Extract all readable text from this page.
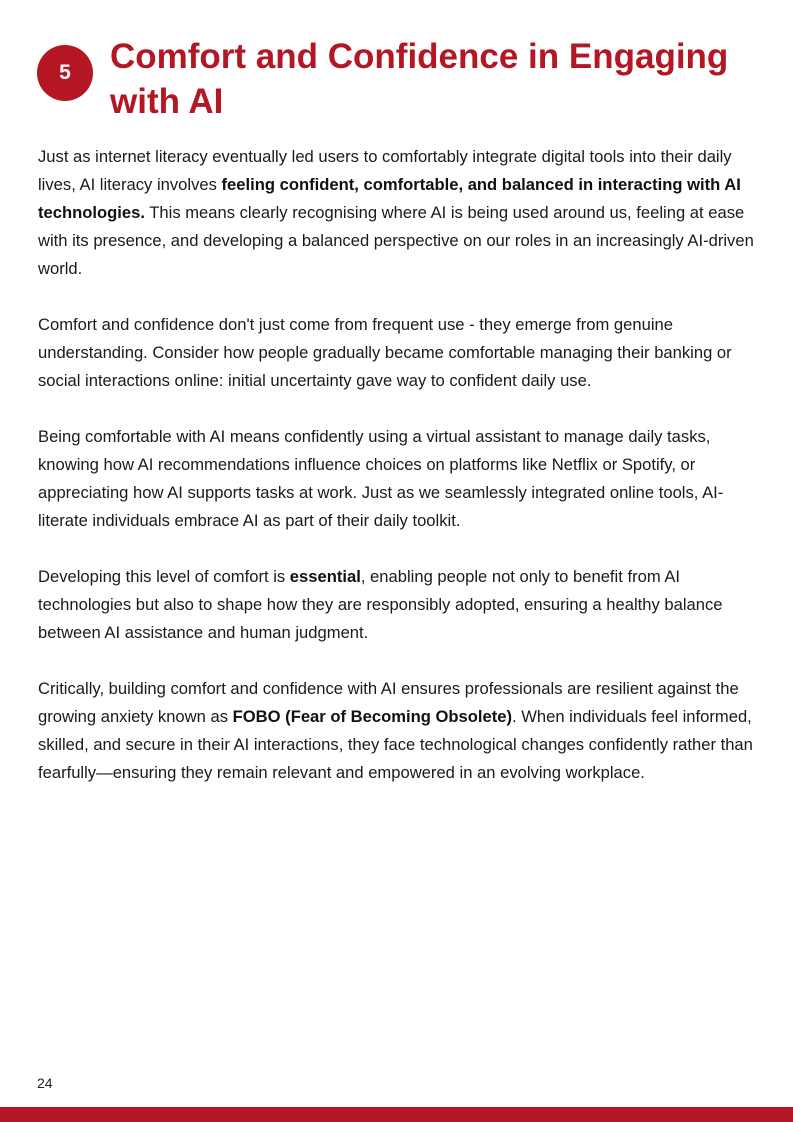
5	Comfort and Confidence in Engaging with AI

Just as internet literacy eventually led users to comfortably integrate digital tools into their daily lives, AI literacy involves feeling confident, comfortable, and balanced in interacting with AI technologies. This means clearly recognising where AI is being used around us, feeling at ease with its presence, and developing a balanced perspective on our roles in an increasingly AI-driven world.

Comfort and confidence don't just come from frequent use - they emerge from genuine understanding. Consider how people gradually became comfortable managing their banking or social interactions online: initial uncertainty gave way to confident daily use.

Being comfortable with AI means confidently using a virtual assistant to manage daily tasks, knowing how AI recommendations influence choices on platforms like Netflix or Spotify, or appreciating how AI supports tasks at work. Just as we seamlessly integrated online tools, AI-literate individuals embrace AI as part of their daily toolkit.

Developing this level of comfort is essential, enabling people not only to benefit from AI technologies but also to shape how they are responsibly adopted, ensuring a healthy balance between AI assistance and human judgment.

Critically, building comfort and confidence with AI ensures professionals are resilient against the growing anxiety known as FOBO (Fear of Becoming Obsolete). When individuals feel informed, skilled, and secure in their AI interactions, they face technological changes confidently rather than fearfully—ensuring they remain relevant and empowered in an evolving workplace.

24
